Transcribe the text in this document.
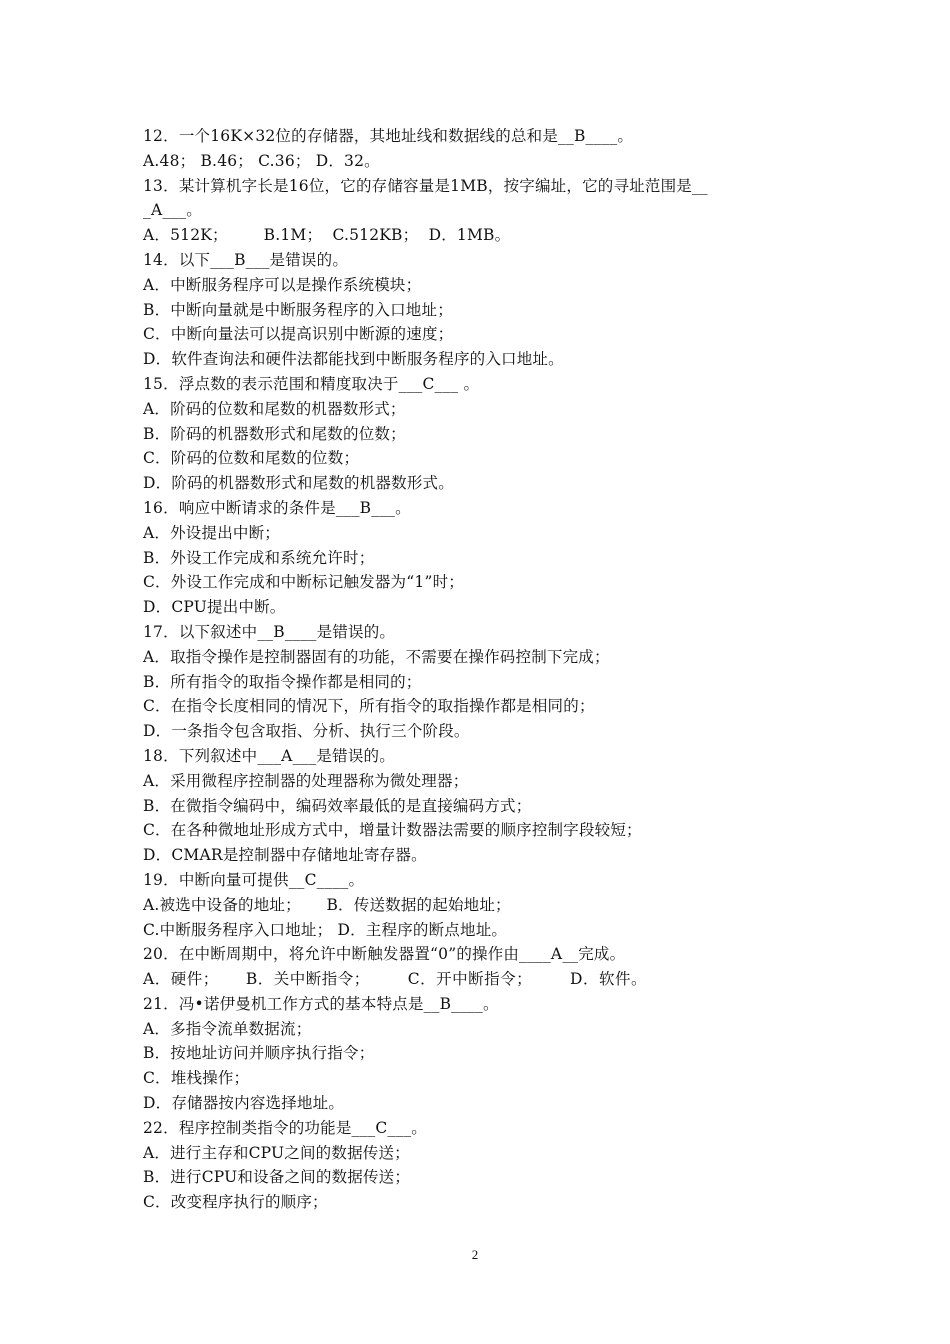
12．一个16K×32位的存储器，其地址线和数据线的总和是__B____。
A.48； B.46； C.36； D．32。
13．某计算机字长是16位，它的存储容量是1MB，按字编址，它的寻址范围是__
_A___。
A．512K；       B.1M；  C.512KB；  D．1MB。
14．以下___B___是错误的。
A．中断服务程序可以是操作系统模块；
B．中断向量就是中断服务程序的入口地址；
C．中断向量法可以提高识别中断源的速度；
D．软件查询法和硬件法都能找到中断服务程序的入口地址。
15．浮点数的表示范围和精度取决于___C___ 。
A．阶码的位数和尾数的机器数形式；
B．阶码的机器数形式和尾数的位数；
C．阶码的位数和尾数的位数；
D．阶码的机器数形式和尾数的机器数形式。
16．响应中断请求的条件是___B___。
A．外设提出中断；
B．外设工作完成和系统允许时；
C．外设工作完成和中断标记触发器为“1”时；
D．CPU提出中断。
17．以下叙述中__B____是错误的。
A．取指令操作是控制器固有的功能，不需要在操作码控制下完成；
B．所有指令的取指令操作都是相同的；
C．在指令长度相同的情况下，所有指令的取指操作都是相同的；
D．一条指令包含取指、分析、执行三个阶段。
18．下列叙述中___A___是错误的。
A．采用微程序控制器的处理器称为微处理器；
B．在微指令编码中，编码效率最低的是直接编码方式；
C．在各种微地址形成方式中，增量计数器法需要的顺序控制字段较短；
D．CMAR是控制器中存储地址寄存器。
19．中断向量可提供__C____。
A.被选中设备的地址；     B．传送数据的起始地址；
C.中断服务程序入口地址； D．主程序的断点地址。
20．在中断周期中，将允许中断触发器置“0”的操作由____A__完成。
A．硬件；     B．关中断指令；       C．开中断指令；       D．软件。
21．冯•诺伊曼机工作方式的基本特点是__B____。
A．多指令流单数据流；
B．按地址访问并顺序执行指令；
C．堆栈操作；
D．存储器按内容选择地址。
22．程序控制类指令的功能是___C___。
A．进行主存和CPU之间的数据传送；
B．进行CPU和设备之间的数据传送；
C．改变程序执行的顺序；
2
